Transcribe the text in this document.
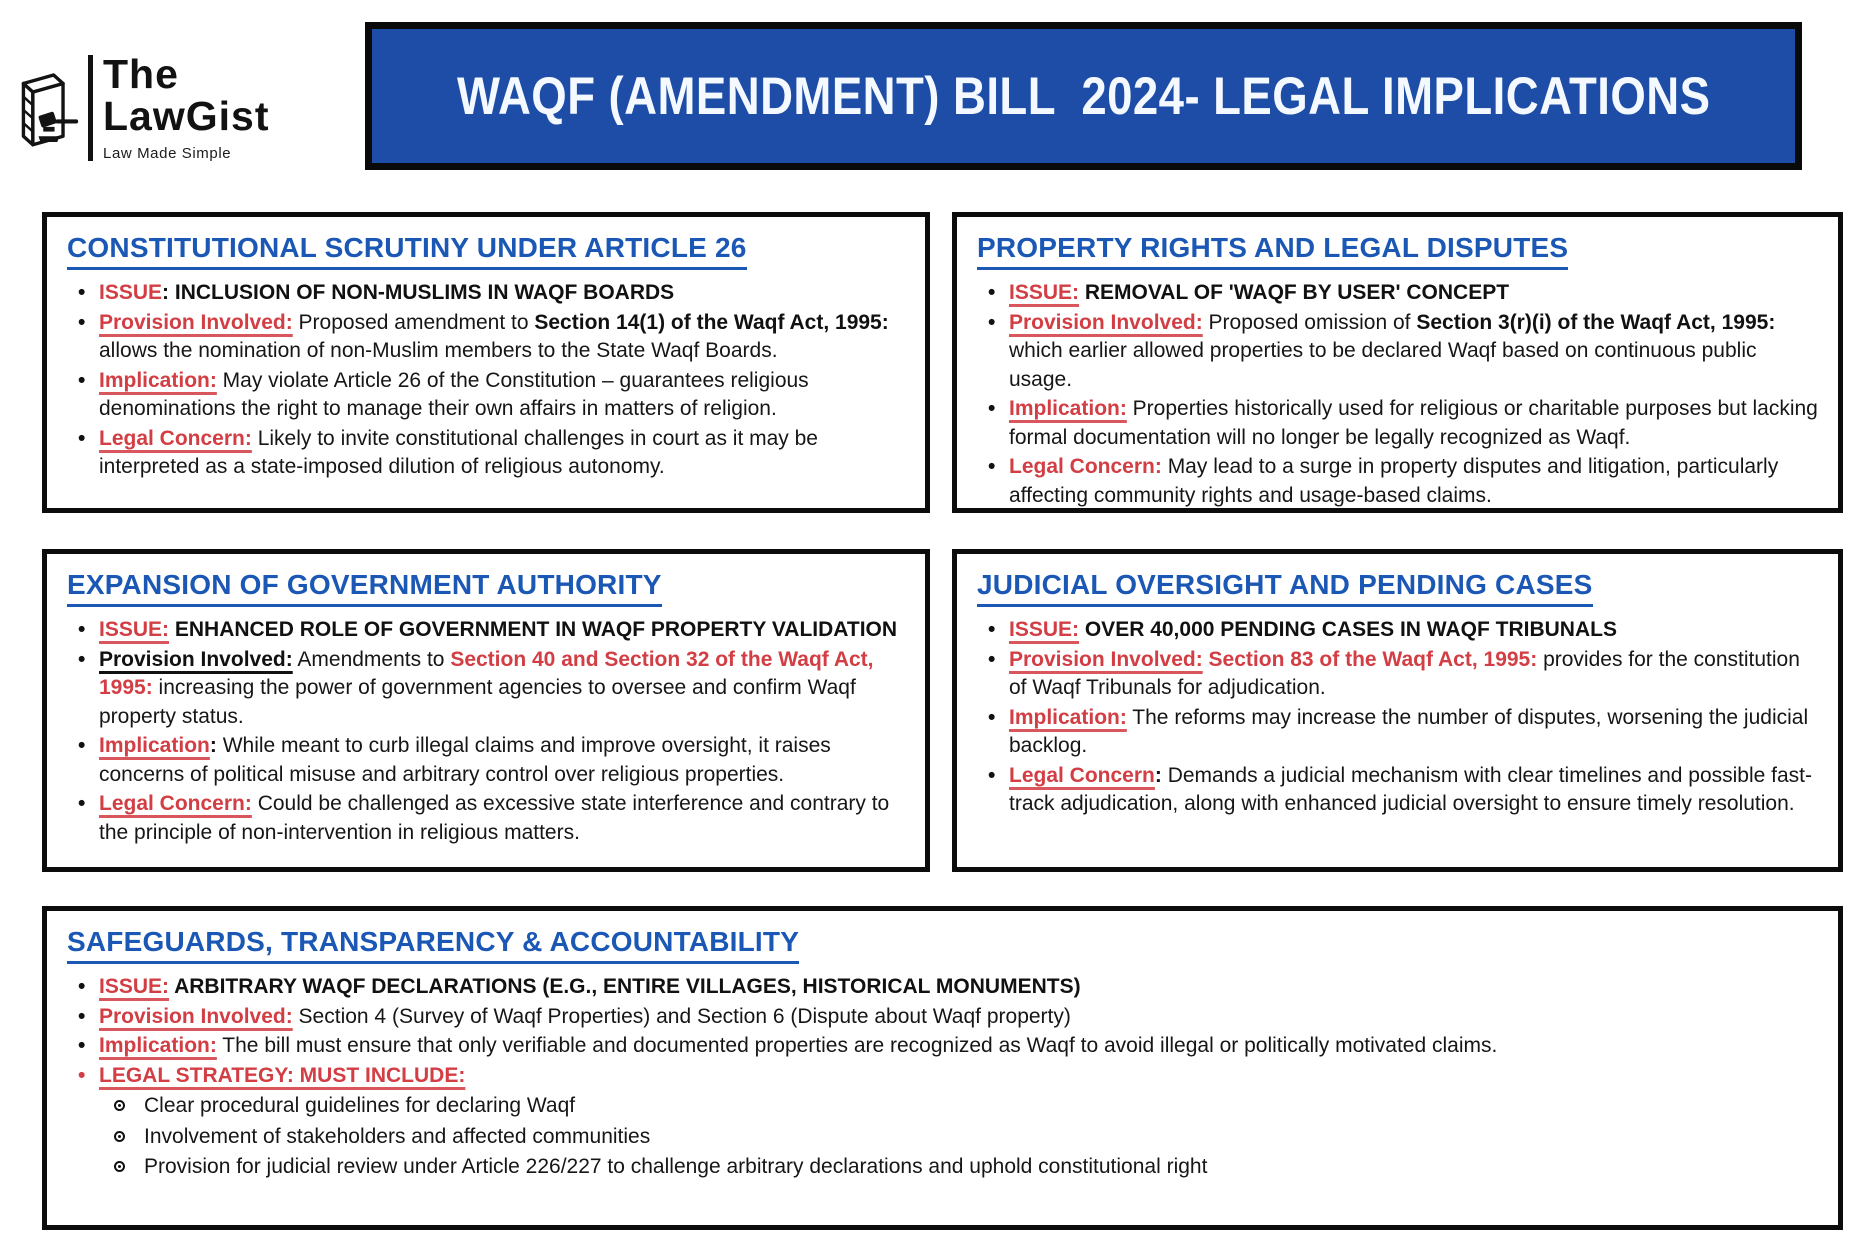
The
LawGist
Law Made Simple
WAQF (AMENDMENT) BILL  2024- LEGAL IMPLICATIONS
CONSTITUTIONAL SCRUTINY UNDER ARTICLE 26
• ISSUE: INCLUSION OF NON-MUSLIMS IN WAQF BOARDS
• Provision Involved: Proposed amendment to Section 14(1) of the Waqf Act, 1995: allows the nomination of non-Muslim members to the State Waqf Boards.
• Implication: May violate Article 26 of the Constitution – guarantees religious denominations the right to manage their own affairs in matters of religion.
• Legal Concern: Likely to invite constitutional challenges in court as it may be interpreted as a state-imposed dilution of religious autonomy.
PROPERTY RIGHTS AND LEGAL DISPUTES
• ISSUE: REMOVAL OF 'WAQF BY USER' CONCEPT
• Provision Involved: Proposed omission of Section 3(r)(i) of the Waqf Act, 1995: which earlier allowed properties to be declared Waqf based on continuous public usage.
• Implication: Properties historically used for religious or charitable purposes but lacking formal documentation will no longer be legally recognized as Waqf.
• Legal Concern: May lead to a surge in property disputes and litigation, particularly affecting community rights and usage-based claims.
EXPANSION OF GOVERNMENT AUTHORITY
• ISSUE: ENHANCED ROLE OF GOVERNMENT IN WAQF PROPERTY VALIDATION
• Provision Involved: Amendments to Section 40 and Section 32 of the Waqf Act, 1995: increasing the power of government agencies to oversee and confirm Waqf property status.
• Implication: While meant to curb illegal claims and improve oversight, it raises concerns of political misuse and arbitrary control over religious properties.
• Legal Concern: Could be challenged as excessive state interference and contrary to the principle of non-intervention in religious matters.
JUDICIAL OVERSIGHT AND PENDING CASES
• ISSUE: OVER 40,000 PENDING CASES IN WAQF TRIBUNALS
• Provision Involved: Section 83 of the Waqf Act, 1995: provides for the constitution of Waqf Tribunals for adjudication.
• Implication: The reforms may increase the number of disputes, worsening the judicial backlog.
• Legal Concern: Demands a judicial mechanism with clear timelines and possible fast-track adjudication, along with enhanced judicial oversight to ensure timely resolution.
SAFEGUARDS, TRANSPARENCY & ACCOUNTABILITY
• ISSUE: ARBITRARY WAQF DECLARATIONS (E.G., ENTIRE VILLAGES, HISTORICAL MONUMENTS)
• Provision Involved: Section 4 (Survey of Waqf Properties) and Section 6 (Dispute about Waqf property)
• Implication: The bill must ensure that only verifiable and documented properties are recognized as Waqf to avoid illegal or politically motivated claims.
• LEGAL STRATEGY: MUST INCLUDE:
Clear procedural guidelines for declaring Waqf
Involvement of stakeholders and affected communities
Provision for judicial review under Article 226/227 to challenge arbitrary declarations and uphold constitutional right
